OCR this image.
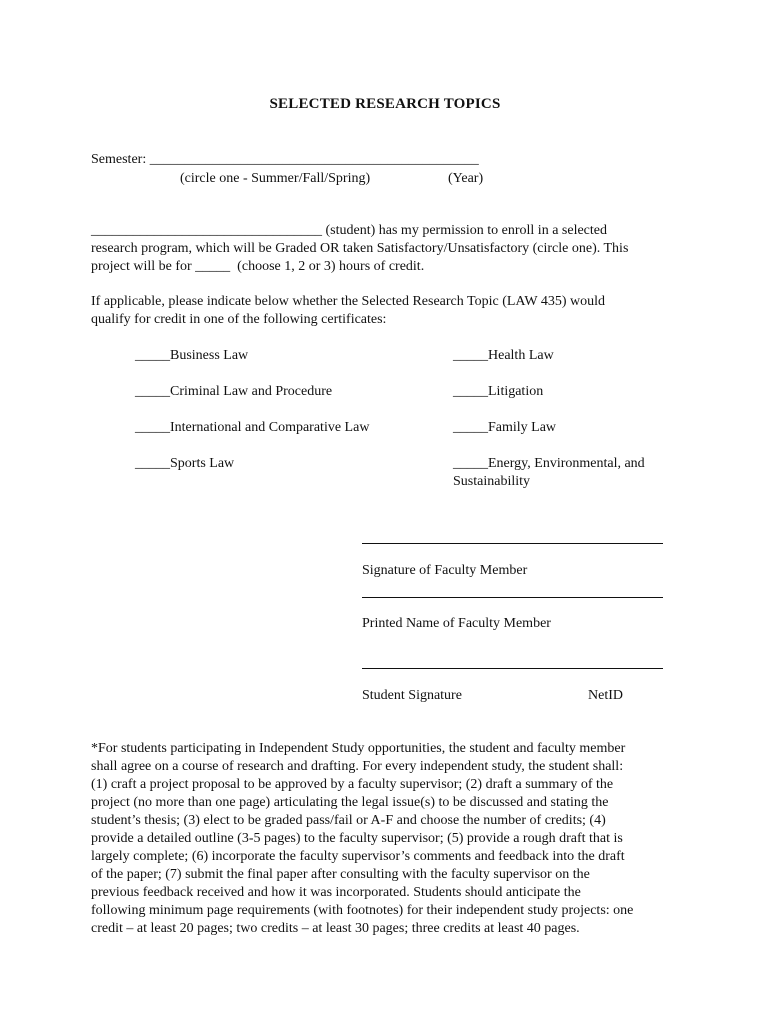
SELECTED RESEARCH TOPICS
Semester: _______________________________________________
(circle one - Summer/Fall/Spring)	(Year)
_________________________________ (student) has my permission to enroll in a selected
research program, which will be Graded OR taken Satisfactory/Unsatisfactory (circle one). This
project will be for _____  (choose 1, 2 or 3) hours of credit.
If applicable, please indicate below whether the Selected Research Topic (LAW 435) would
qualify for credit in one of the following certificates:
_____Business Law
_____Criminal Law and Procedure
_____International and Comparative Law
_____Sports Law
_____Health Law
_____Litigation
_____Family Law
_____Energy, Environmental, and
Sustainability
Signature of Faculty Member
Printed Name of Faculty Member
Student Signature	NetID
*For students participating in Independent Study opportunities, the student and faculty member
shall agree on a course of research and drafting. For every independent study, the student shall:
(1) craft a project proposal to be approved by a faculty supervisor; (2) draft a summary of the
project (no more than one page) articulating the legal issue(s) to be discussed and stating the
student’s thesis; (3) elect to be graded pass/fail or A-F and choose the number of credits; (4)
provide a detailed outline (3-5 pages) to the faculty supervisor; (5) provide a rough draft that is
largely complete; (6) incorporate the faculty supervisor’s comments and feedback into the draft
of the paper; (7) submit the final paper after consulting with the faculty supervisor on the
previous feedback received and how it was incorporated. Students should anticipate the
following minimum page requirements (with footnotes) for their independent study projects: one
credit – at least 20 pages; two credits – at least 30 pages; three credits at least 40 pages.
